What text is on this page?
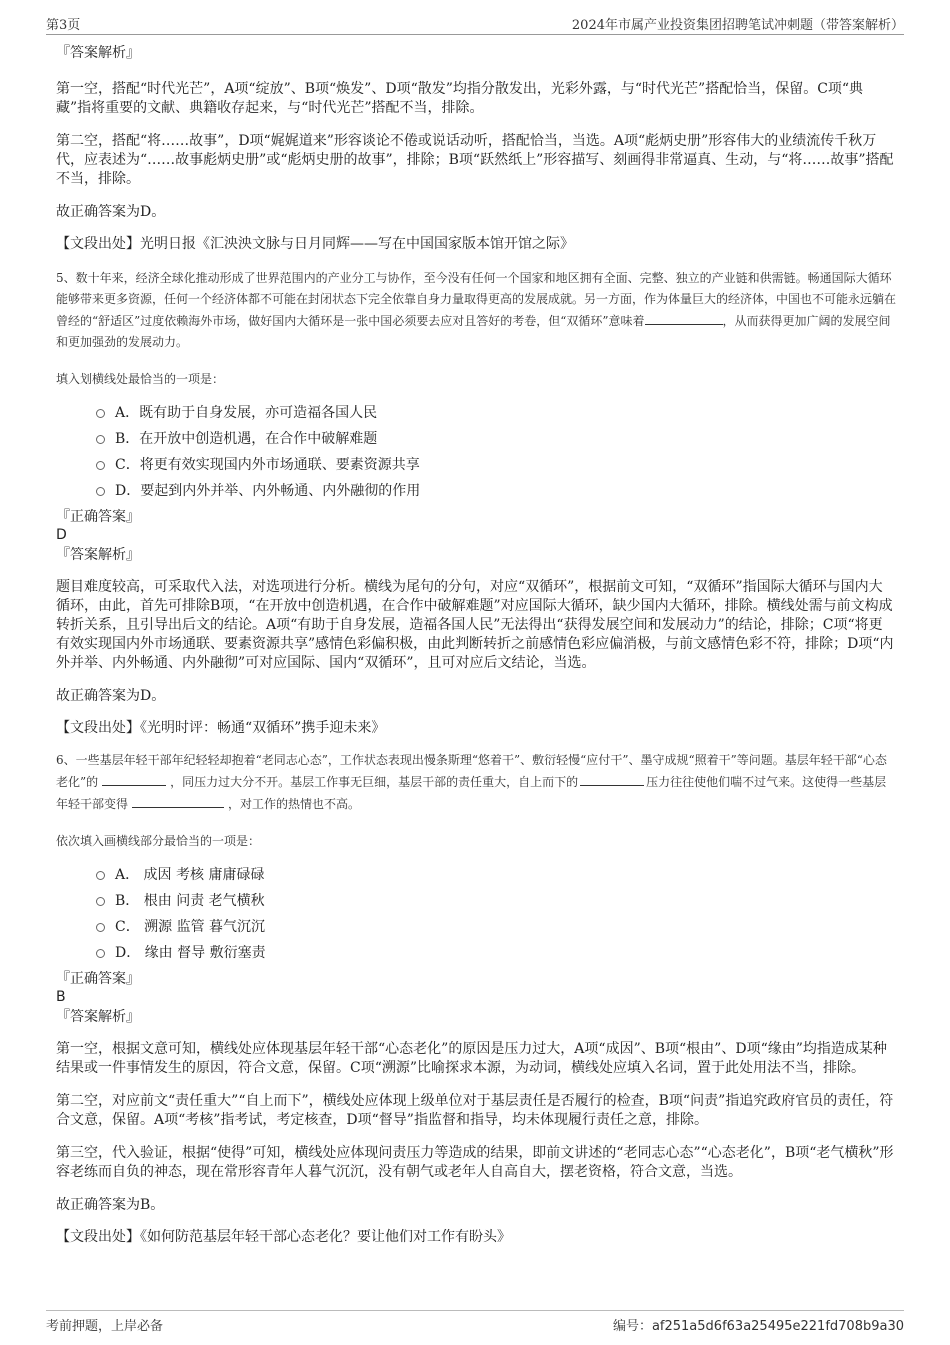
第3页	2024年市属产业投资集团招聘笔试冲刺题（带答案解析）

『答案解析』

第一空，搭配“时代光芒”，A项“绽放”、B项“焕发”、D项“散发”均指分散发出，光彩外露，与“时代光芒”搭配恰当，保留。C项“典藏”指将重要的文献、典籍收存起来，与“时代光芒”搭配不当，排除。

第二空，搭配“将……故事”，D项“娓娓道来”形容谈论不倦或说话动听，搭配恰当，当选。A项“彪炳史册”形容伟大的业绩流传千秋万代，应表述为“……故事彪炳史册”或“彪炳史册的故事”，排除；B项“跃然纸上”形容描写、刻画得非常逼真、生动，与“将……故事”搭配不当，排除。

故正确答案为D。

【文段出处】光明日报《汇泱泱文脉与日月同辉——写在中国国家版本馆开馆之际》

5、数十年来，经济全球化推动形成了世界范围内的产业分工与协作，至今没有任何一个国家和地区拥有全面、完整、独立的产业链和供需链。畅通国际大循环能够带来更多资源，任何一个经济体都不可能在封闭状态下完全依靠自身力量取得更高的发展成就。另一方面，作为体量巨大的经济体，中国也不可能永远躺在曾经的“舒适区”过度依赖海外市场，做好国内大循环是一张中国必须要去应对且答好的考卷，但“双循环”意味着	，从而获得更加广阔的发展空间和更加强劲的发展动力。

填入划横线处最恰当的一项是：

A．既有助于自身发展，亦可造福各国人民
B．在开放中创造机遇，在合作中破解难题
C．将更有效实现国内外市场通联、要素资源共享
D．要起到内外并举、内外畅通、内外融彻的作用

『正确答案』

D

『答案解析』

题目难度较高，可采取代入法，对选项进行分析。横线为尾句的分句，对应“双循环”，根据前文可知，“双循环”指国际大循环与国内大循环，由此，首先可排除B项，“在开放中创造机遇，在合作中破解难题”对应国际大循环，缺少国内大循环，排除。横线处需与前文构成转折关系，且引导出后文的结论。A项“有助于自身发展，造福各国人民”无法得出“获得发展空间和发展动力”的结论，排除；C项“将更有效实现国内外市场通联、要素资源共享”感情色彩偏积极，由此判断转折之前感情色彩应偏消极，与前文感情色彩不符，排除；D项“内外并举、内外畅通、内外融彻”可对应国际、国内“双循环”，且可对应后文结论，当选。

故正确答案为D。

【文段出处】《光明时评：畅通“双循环”携手迎未来》

6、一些基层年轻干部年纪轻轻却抱着“老同志心态”，工作状态表现出慢条斯理“悠着干”、敷衍轻慢“应付干”、墨守成规“照着干”等问题。基层年轻干部“心态老化”的	，同压力过大分不开。基层工作事无巨细，基层干部的责任重大，自上而下的	压力往往使他们喘不过气来。这使得一些基层年轻干部变得	，对工作的热情也不高。

依次填入画横线部分最恰当的一项是：

A． 成因 考核 庸庸碌碌
B． 根由 问责 老气横秋
C． 溯源 监管 暮气沉沉
D． 缘由 督导 敷衍塞责

『正确答案』

B

『答案解析』

第一空，根据文意可知，横线处应体现基层年轻干部“心态老化”的原因是压力过大，A项“成因”、B项“根由”、D项“缘由”均指造成某种结果或一件事情发生的原因，符合文意，保留。C项“溯源”比喻探求本源，为动词，横线处应填入名词，置于此处用法不当，排除。

第二空，对应前文“责任重大”“自上而下”，横线处应体现上级单位对于基层责任是否履行的检查，B项“问责”指追究政府官员的责任，符合文意，保留。A项“考核”指考试，考定核查，D项“督导”指监督和指导，均未体现履行责任之意，排除。

第三空，代入验证，根据“使得”可知，横线处应体现问责压力等造成的结果，即前文讲述的“老同志心态”“心态老化”，B项“老气横秋”形容老练而自负的神态，现在常形容青年人暮气沉沉，没有朝气或老年人自高自大，摆老资格，符合文意，当选。

故正确答案为B。

【文段出处】《如何防范基层年轻干部心态老化？要让他们对工作有盼头》

考前押题，上岸必备	编号：af251a5d6f63a25495e221fd708b9a30
